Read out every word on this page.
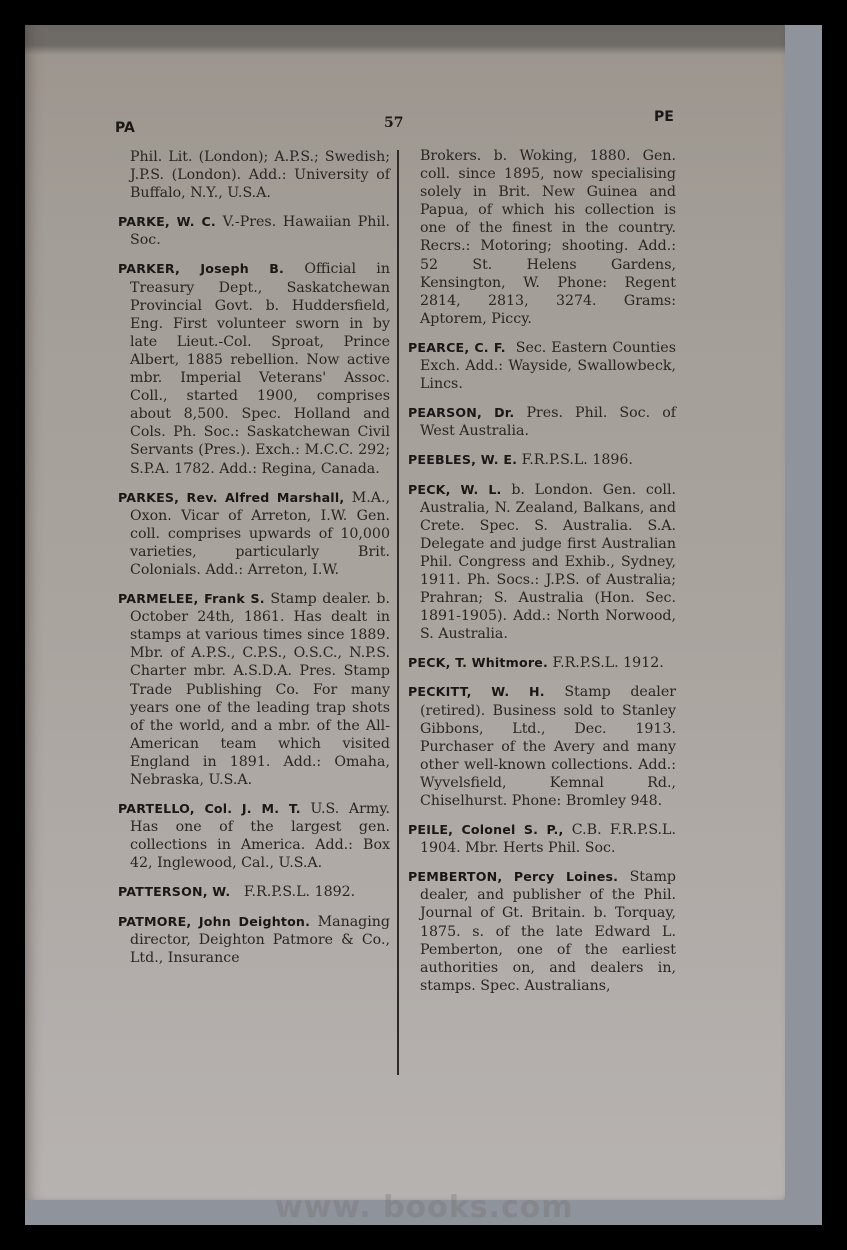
PA	57	PE

Phil. Lit. (London); A.P.S.; Swedish; J.P.S. (London). Add.: University of Buffalo, N.Y., U.S.A.

PARKE, W. C. V.-Pres. Hawaiian Phil. Soc.

PARKER, Joseph B. Official in Treasury Dept., Saskatchewan Provincial Govt. b. Huddersfield, Eng. First volunteer sworn in by late Lieut.-Col. Sproat, Prince Albert, 1885 rebellion. Now active mbr. Imperial Veterans' Assoc. Coll., started 1900, comprises about 8,500. Spec. Holland and Cols. Ph. Soc.: Saskatchewan Civil Servants (Pres.). Exch.: M.C.C. 292; S.P.A. 1782. Add.: Regina, Canada.

PARKES, Rev. Alfred Marshall, M.A., Oxon. Vicar of Arreton, I.W. Gen. coll. comprises upwards of 10,000 varieties, particularly Brit. Colonials. Add.: Arreton, I.W.

PARMELEE, Frank S. Stamp dealer. b. October 24th, 1861. Has dealt in stamps at various times since 1889. Mbr. of A.P.S., C.P.S., O.S.C., N.P.S. Charter mbr. A.S.D.A. Pres. Stamp Trade Publishing Co. For many years one of the leading trap shots of the world, and a mbr. of the All-American team which visited England in 1891. Add.: Omaha, Nebraska, U.S.A.

PARTELLO, Col. J. M. T. U.S. Army. Has one of the largest gen. collections in America. Add.: Box 42, Inglewood, Cal., U.S.A.

PATTERSON, W. F.R.P.S.L. 1892.

PATMORE, John Deighton. Managing director, Deighton Patmore & Co., Ltd., Insurance

Brokers. b. Woking, 1880. Gen. coll. since 1895, now specialising solely in Brit. New Guinea and Papua, of which his collection is one of the finest in the country. Recrs.: Motoring; shooting. Add.: 52 St. Helens Gardens, Kensington, W. Phone: Regent 2814, 2813, 3274. Grams: Aptorem, Piccy.

PEARCE, C. F. Sec. Eastern Counties Exch. Add.: Wayside, Swallowbeck, Lincs.

PEARSON, Dr. Pres. Phil. Soc. of West Australia.

PEEBLES, W. E. F.R.P.S.L. 1896.

PECK, W. L. b. London. Gen. coll. Australia, N. Zealand, Balkans, and Crete. Spec. S. Australia. S.A. Delegate and judge first Australian Phil. Congress and Exhib., Sydney, 1911. Ph. Socs.: J.P.S. of Australia; Prahran; S. Australia (Hon. Sec. 1891-1905). Add.: North Norwood, S. Australia.

PECK, T. Whitmore. F.R.P.S.L. 1912.

PECKITT, W. H. Stamp dealer (retired). Business sold to Stanley Gibbons, Ltd., Dec. 1913. Purchaser of the Avery and many other well-known collections. Add.: Wyvelsfield, Kemnal Rd., Chiselhurst. Phone: Bromley 948.

PEILE, Colonel S. P., C.B. F.R.P.S.L. 1904. Mbr. Herts Phil. Soc.

PEMBERTON, Percy Loines. Stamp dealer, and publisher of the Phil. Journal of Gt. Britain. b. Torquay, 1875. s. of the late Edward L. Pemberton, one of the earliest authorities on, and dealers in, stamps. Spec. Australians,

www. books.com
